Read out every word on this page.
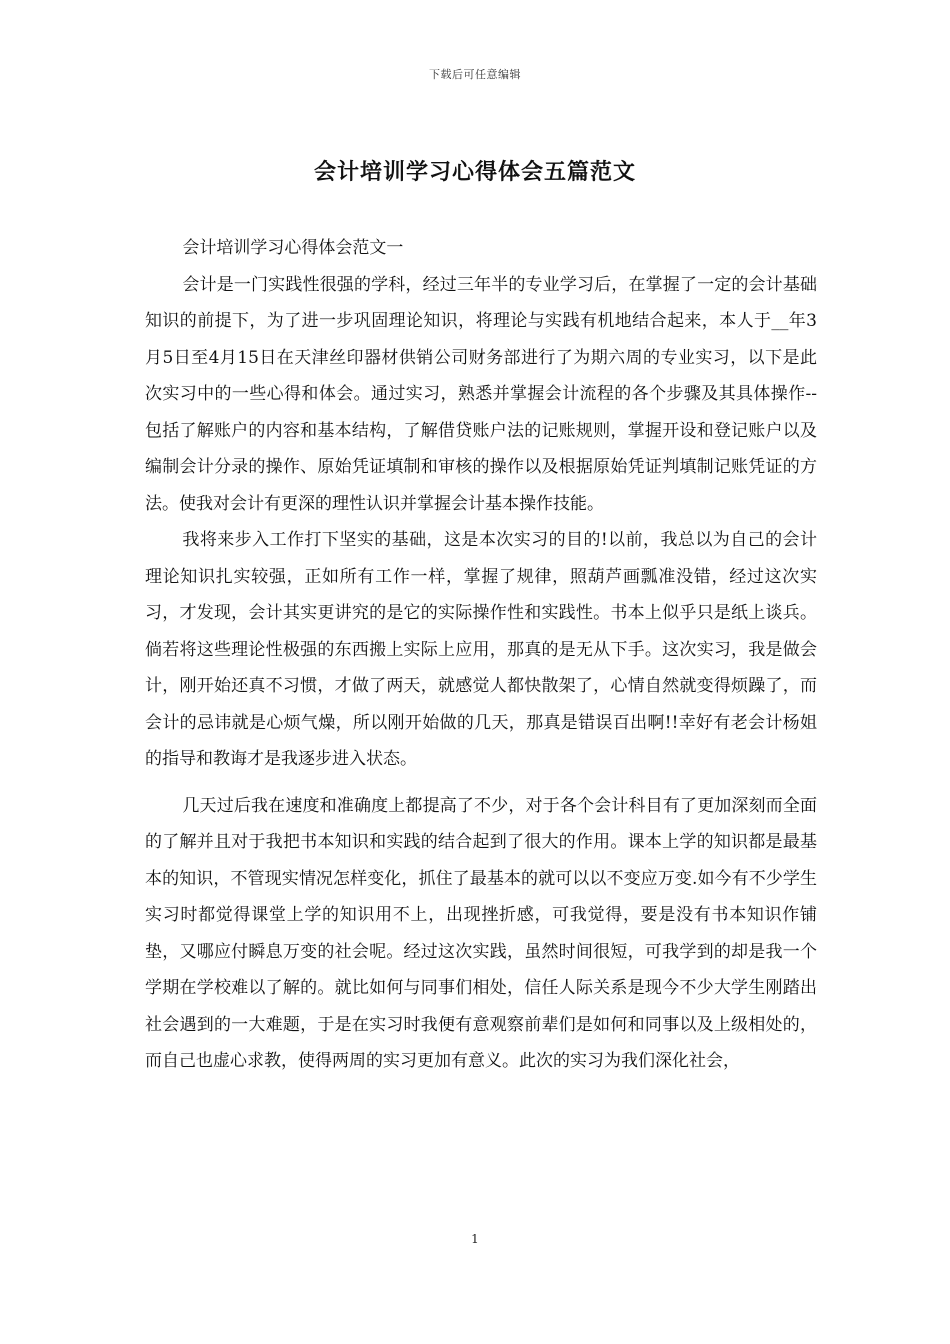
下载后可任意编辑
会计培训学习心得体会五篇范文

会计培训学习心得体会范文一

会计是一门实践性很强的学科，经过三年半的专业学习后，在掌握了一定的会计基础知识的前提下，为了进一步巩固理论知识，将理论与实践有机地结合起来，本人于__年3月5日至4月15日在天津丝印器材供销公司财务部进行了为期六周的专业实习，以下是此次实习中的一些心得和体会。通过实习，熟悉并掌握会计流程的各个步骤及其具体操作--包括了解账户的内容和基本结构，了解借贷账户法的记账规则，掌握开设和登记账户以及编制会计分录的操作、原始凭证填制和审核的操作以及根据原始凭证判填制记账凭证的方法。使我对会计有更深的理性认识并掌握会计基本操作技能。

我将来步入工作打下坚实的基础，这是本次实习的目的!以前，我总以为自己的会计理论知识扎实较强，正如所有工作一样，掌握了规律，照葫芦画瓢准没错，经过这次实习，才发现，会计其实更讲究的是它的实际操作性和实践性。书本上似乎只是纸上谈兵。倘若将这些理论性极强的东西搬上实际上应用，那真的是无从下手。这次实习，我是做会计，刚开始还真不习惯，才做了两天，就感觉人都快散架了，心情自然就变得烦躁了，而会计的忌讳就是心烦气燥，所以刚开始做的几天，那真是错误百出啊!!幸好有老会计杨姐的指导和教诲才是我逐步进入状态。

几天过后我在速度和准确度上都提高了不少，对于各个会计科目有了更加深刻而全面的了解并且对于我把书本知识和实践的结合起到了很大的作用。课本上学的知识都是最基本的知识，不管现实情况怎样变化，抓住了最基本的就可以以不变应万变.如今有不少学生实习时都觉得课堂上学的知识用不上，出现挫折感，可我觉得，要是没有书本知识作铺垫，又哪应付瞬息万变的社会呢。经过这次实践，虽然时间很短，可我学到的却是我一个学期在学校难以了解的。就比如何与同事们相处，信任人际关系是现今不少大学生刚踏出社会遇到的一大难题，于是在实习时我便有意观察前辈们是如何和同事以及上级相处的，而自己也虚心求教，使得两周的实习更加有意义。此次的实习为我们深化社会，

1
